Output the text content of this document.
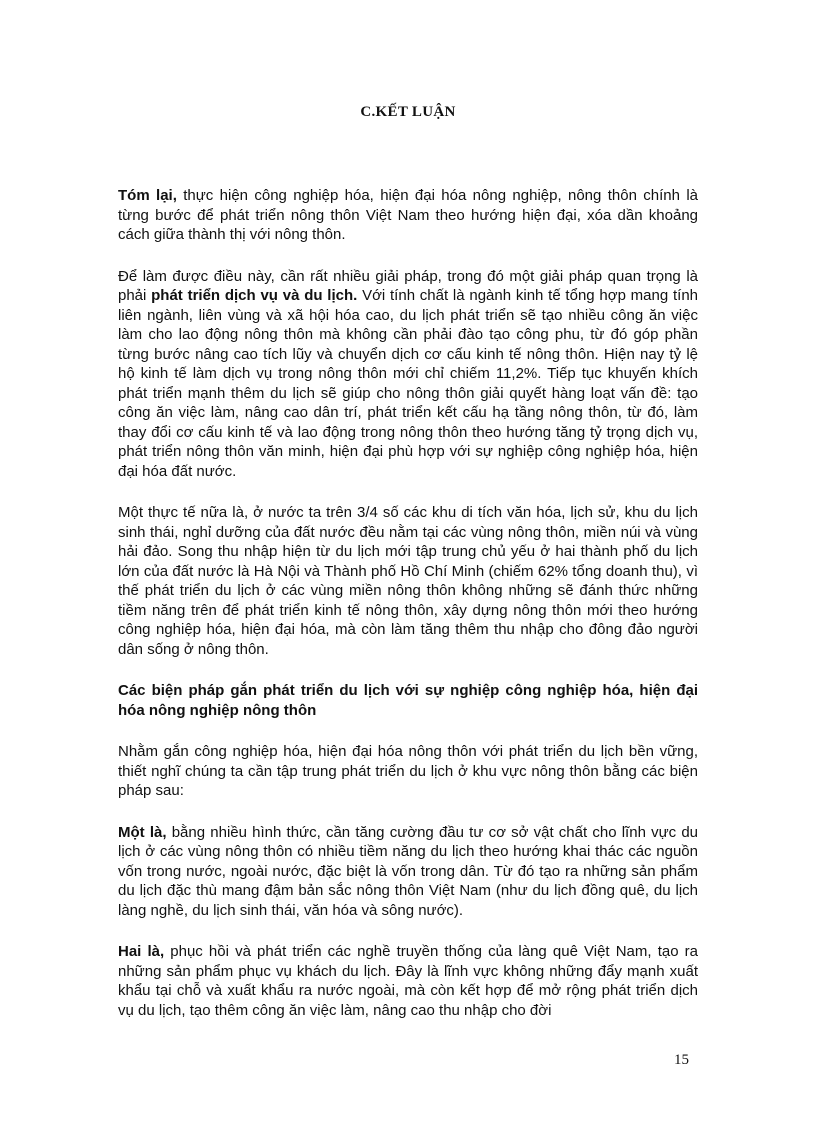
C.KẾT LUẬN

Tóm lại, thực hiện công nghiệp hóa, hiện đại hóa nông nghiệp, nông thôn chính là từng bước để phát triển nông thôn Việt Nam theo hướng hiện đại, xóa dần khoảng cách giữa thành thị với nông thôn.

Để làm được điều này, cần rất nhiều giải pháp, trong đó một giải pháp quan trọng là phải phát triển dịch vụ và du lịch. Với tính chất là ngành kinh tế tổng hợp mang tính liên ngành, liên vùng và xã hội hóa cao, du lịch phát triển sẽ tạo nhiều công ăn việc làm cho lao động nông thôn mà không cần phải đào tạo công phu, từ đó góp phần từng bước nâng cao tích lũy và chuyển dịch cơ cấu kinh tế nông thôn. Hiện nay tỷ lệ hộ kinh tế làm dịch vụ trong nông thôn mới chỉ chiếm 11,2%. Tiếp tục khuyến khích phát triển mạnh thêm du lịch sẽ giúp cho nông thôn giải quyết hàng loạt vấn đề: tạo công ăn việc làm, nâng cao dân trí, phát triển kết cấu hạ tầng nông thôn, từ đó, làm thay đổi cơ cấu kinh tế và lao động trong nông thôn theo hướng tăng tỷ trọng dịch vụ, phát triển nông thôn văn minh, hiện đại phù hợp với sự nghiệp công nghiệp hóa, hiện đại hóa đất nước.

Một thực tế nữa là, ở nước ta trên 3/4 số các khu di tích văn hóa, lịch sử, khu du lịch sinh thái, nghỉ dưỡng của đất nước đều nằm tại các vùng nông thôn, miền núi và vùng hải đảo. Song thu nhập hiện từ du lịch mới tập trung chủ yếu ở hai thành phố du lịch lớn của đất nước là Hà Nội và Thành phố Hồ Chí Minh (chiếm 62% tổng doanh thu), vì thế phát triển du lịch ở các vùng miền nông thôn không những sẽ đánh thức những tiềm năng trên để phát triển kinh tế nông thôn, xây dựng nông thôn mới theo hướng công nghiệp hóa, hiện đại hóa, mà còn làm tăng thêm thu nhập cho đông đảo người dân sống ở nông thôn.

Các biện pháp gắn phát triển du lịch với sự nghiệp công nghiệp hóa, hiện đại hóa nông nghiệp nông thôn

Nhằm gắn công nghiệp hóa, hiện đại hóa nông thôn với phát triển du lịch bền vững, thiết nghĩ chúng ta cần tập trung phát triển du lịch ở khu vực nông thôn bằng các biện pháp sau:

Một là, bằng nhiều hình thức, cần tăng cường đầu tư cơ sở vật chất cho lĩnh vực du lịch ở các vùng nông thôn có nhiều tiềm năng du lịch theo hướng khai thác các nguồn vốn trong nước, ngoài nước, đặc biệt là vốn trong dân. Từ đó tạo ra những sản phẩm du lịch đặc thù mang đậm bản sắc nông thôn Việt Nam (như du lịch đồng quê, du lịch làng nghề, du lịch sinh thái, văn hóa và sông nước).

Hai là, phục hồi và phát triển các nghề truyền thống của làng quê Việt Nam, tạo ra những sản phẩm phục vụ khách du lịch. Đây là lĩnh vực không những đẩy mạnh xuất khẩu tại chỗ và xuất khẩu ra nước ngoài, mà còn kết hợp để mở rộng phát triển dịch vụ du lịch, tạo thêm công ăn việc làm, nâng cao thu nhập cho đời

15
